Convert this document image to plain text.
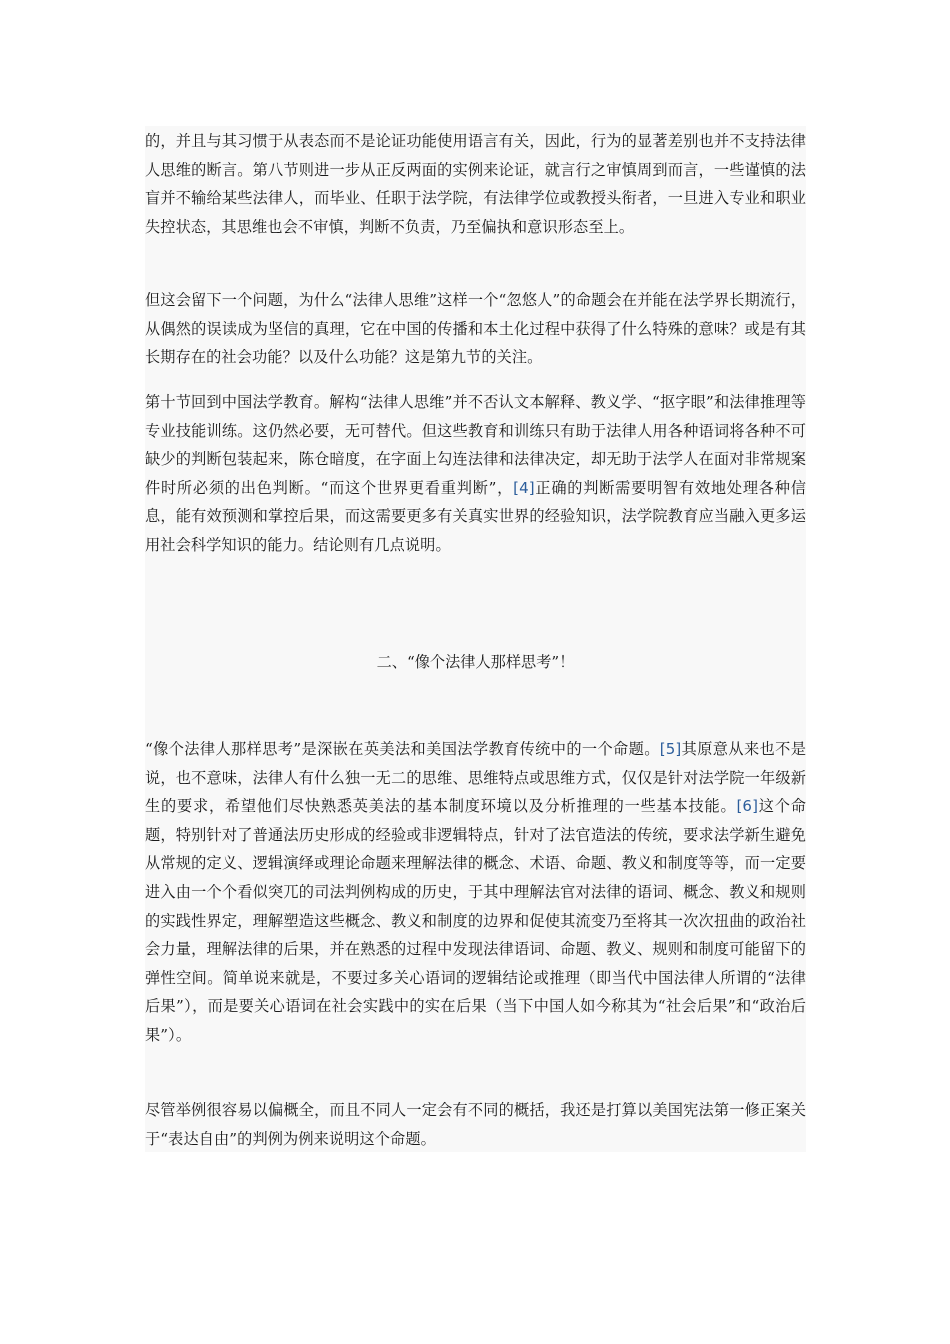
的，并且与其习惯于从表态而不是论证功能使用语言有关，因此，行为的显著差别也并不支持法律人思维的断言。第八节则进一步从正反两面的实例来论证，就言行之审慎周到而言，一些谨慎的法盲并不输给某些法律人，而毕业、任职于法学院，有法律学位或教授头衔者，一旦进入专业和职业失控状态，其思维也会不审慎，判断不负责，乃至偏执和意识形态至上。

但这会留下一个问题，为什么“法律人思维”这样一个“忽悠人”的命题会在并能在法学界长期流行，从偶然的误读成为坚信的真理，它在中国的传播和本土化过程中获得了什么特殊的意味？或是有其长期存在的社会功能？以及什么功能？这是第九节的关注。

第十节回到中国法学教育。解构“法律人思维”并不否认文本解释、教义学、“抠字眼”和法律推理等专业技能训练。这仍然必要，无可替代。但这些教育和训练只有助于法律人用各种语词将各种不可缺少的判断包装起来，陈仓暗度，在字面上勾连法律和法律决定，却无助于法学人在面对非常规案件时所必须的出色判断。“而这个世界更看重判断”，[4]正确的判断需要明智有效地处理各种信息，能有效预测和掌控后果，而这需要更多有关真实世界的经验知识，法学院教育应当融入更多运用社会科学知识的能力。结论则有几点说明。

二、“像个法律人那样思考”！

“像个法律人那样思考”是深嵌在英美法和美国法学教育传统中的一个命题。[5]其原意从来也不是说，也不意味，法律人有什么独一无二的思维、思维特点或思维方式，仅仅是针对法学院一年级新生的要求，希望他们尽快熟悉英美法的基本制度环境以及分析推理的一些基本技能。[6]这个命题，特别针对了普通法历史形成的经验或非逻辑特点，针对了法官造法的传统，要求法学新生避免从常规的定义、逻辑演绎或理论命题来理解法律的概念、术语、命题、教义和制度等等，而一定要进入由一个个看似突兀的司法判例构成的历史，于其中理解法官对法律的语词、概念、教义和规则的实践性界定，理解塑造这些概念、教义和制度的边界和促使其流变乃至将其一次次扭曲的政治社会力量，理解法律的后果，并在熟悉的过程中发现法律语词、命题、教义、规则和制度可能留下的弹性空间。简单说来就是，不要过多关心语词的逻辑结论或推理（即当代中国法律人所谓的“法律后果”），而是要关心语词在社会实践中的实在后果（当下中国人如今称其为“社会后果”和“政治后果”）。

尽管举例很容易以偏概全，而且不同人一定会有不同的概括，我还是打算以美国宪法第一修正案关于“表达自由”的判例为例来说明这个命题。
